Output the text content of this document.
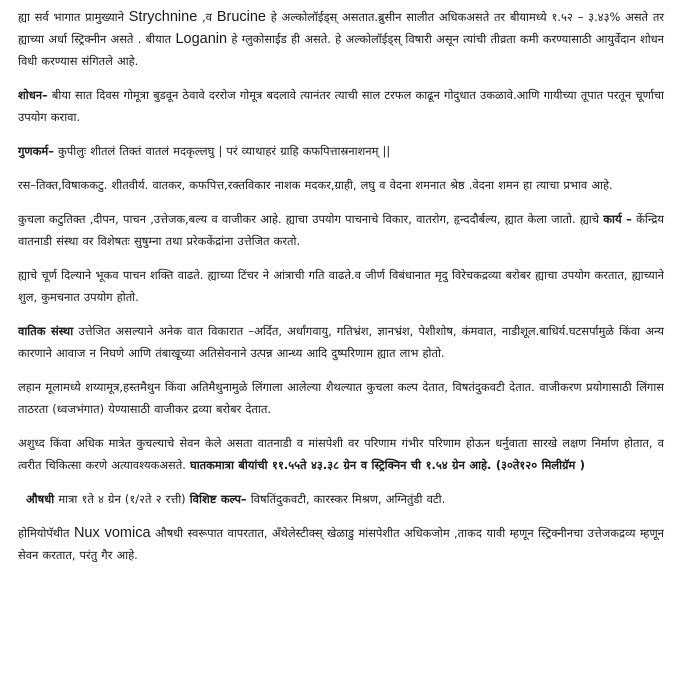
ह्या सर्व भागात प्रामुख्याने Strychnine ,व Brucine हे अल्कोलॉईड्स् असतात.ब्रुसीन सालीत अधिकअसते तर बीयामध्ये १.५२ – ३.४३% असते तर ह्याच्या अर्धा स्ट्रिक्नीन असते . बीयात Loganin हे ग्लुकोसाईड ही असते. हे अल्कोलॉईड्स् विषारी असून त्यांची तीव्रता कमी करण्यासाठी आयुर्वेदान शोधन विधी करण्यास संगितले आहे.

शोधन– बीया सात दिवस गोमूत्रा बुडवून ठेवावे दररोज गोमूत्र बदलावे त्यानंतर त्याची साल टरफल काढून गोदुधात उकळावे.आणि गायीच्या तूपात परतून चूर्णाचा उपयोग करावा.

गुणकर्म– कुपीलुः शीतलं तिक्तं वातलं मदकृल्लघु | परं व्याथाहरं ग्राहि कफपित्तास्रनाशनम् ||

रस–तिक्त,विषाककटु. शीतवीर्य. वातकर, कफपित्त,रक्तविकार नाशक मदकर,ग्राही, लघु व वेदना शमनात श्रेष्ठ .वेदना शमन हा त्याचा प्रभाव आहे.

कुचला कटुतिक्त ,दीपन, पाचन ,उत्तेजक,बल्य व वाजीकर आहे. ह्याचा उपयोग पाचनाचे विकार, वातरोग, हृन्ददौर्बल्य, ह्यात केला जातो. ह्याचे कार्य – केंन्द्रिय वातनाडी संस्था वर विशेषतः सुषुम्ना तथा प्ररेककेंद्रांना उत्तेजित करतो.

ह्याचे चूर्ण दिल्याने भूकव पाचन शक्ति वाढते. ह्याच्या टिंचर ने आंत्राची गति वाढते.व जीर्ण विबंधानात मृदु विरेचकद्रव्या बरोबर ह्याचा उपयोग करतात, ह्याच्याने शुल, कुमचनात उपयोग होतो.

वातिक संस्था उत्तेजित असल्याने अनेक वात विकारात –अर्दित, अर्धांगवायु, गतिभ्रंश, ज्ञानभ्रंश, पेशीशोष, कंमवात, नाडीशूल.बाधिर्य.घटसर्पामुळे किंवा अन्य कारणाने आवाज न निघणे आणि तंबाखूच्या अतिसेवनाने उत्पन्न आन्ध्य आदि दुष्परिणाम ह्यात लाभ होतो.

लहान मूलामध्ये शय्यामूत्र,हस्तमैथुन किंवा अतिमैथुनामुळे लिंगाला आलेल्या शैथल्यात कुचला कल्प देतात, विषतंदुकवटी देतात. वाजीकरण प्रयोगासाठी लिंगास ताठरता (ध्वजभंगात) येण्यासाठी वाजीकर द्रव्या बरोबर देतात.

अशुध्द किंवा अधिक मात्रेत कुचल्याचे सेवन केले असता वातनाडी व मांसपेशी वर परिणाम गंभीर परिणाम होऊन धर्नुवाता सारखे लक्षण निर्माण होतात, व त्वरीत चिकित्सा करणे अत्यावश्यकअसते. घातकमात्रा बीयांची ११.५५ते ४३.३८ ग्रेन व स्ट्रिक्निन ची १.५४ ग्रेन आहे. (३०ते१२० मिलीग्रॅम )

औषधी मात्रा १ते ४ ग्रेन (१/२ते २ रत्ती) विशिष्ट कल्प– विषतिंदुकवटी, कारस्कर मिश्रण, अग्नितुंडी वटी.

होमियोपॅथीत Nux vomica औषधी स्वरूपात वापरतात, अँथेलेस्टीक्स् खेळाडु मांसपेशीत अधिकजोम ,ताकद यावी म्हणून स्ट्रिक्नीनचा उत्तेजकद्रव्य म्हणून सेवन करतात, परंतु गैर आहे.
